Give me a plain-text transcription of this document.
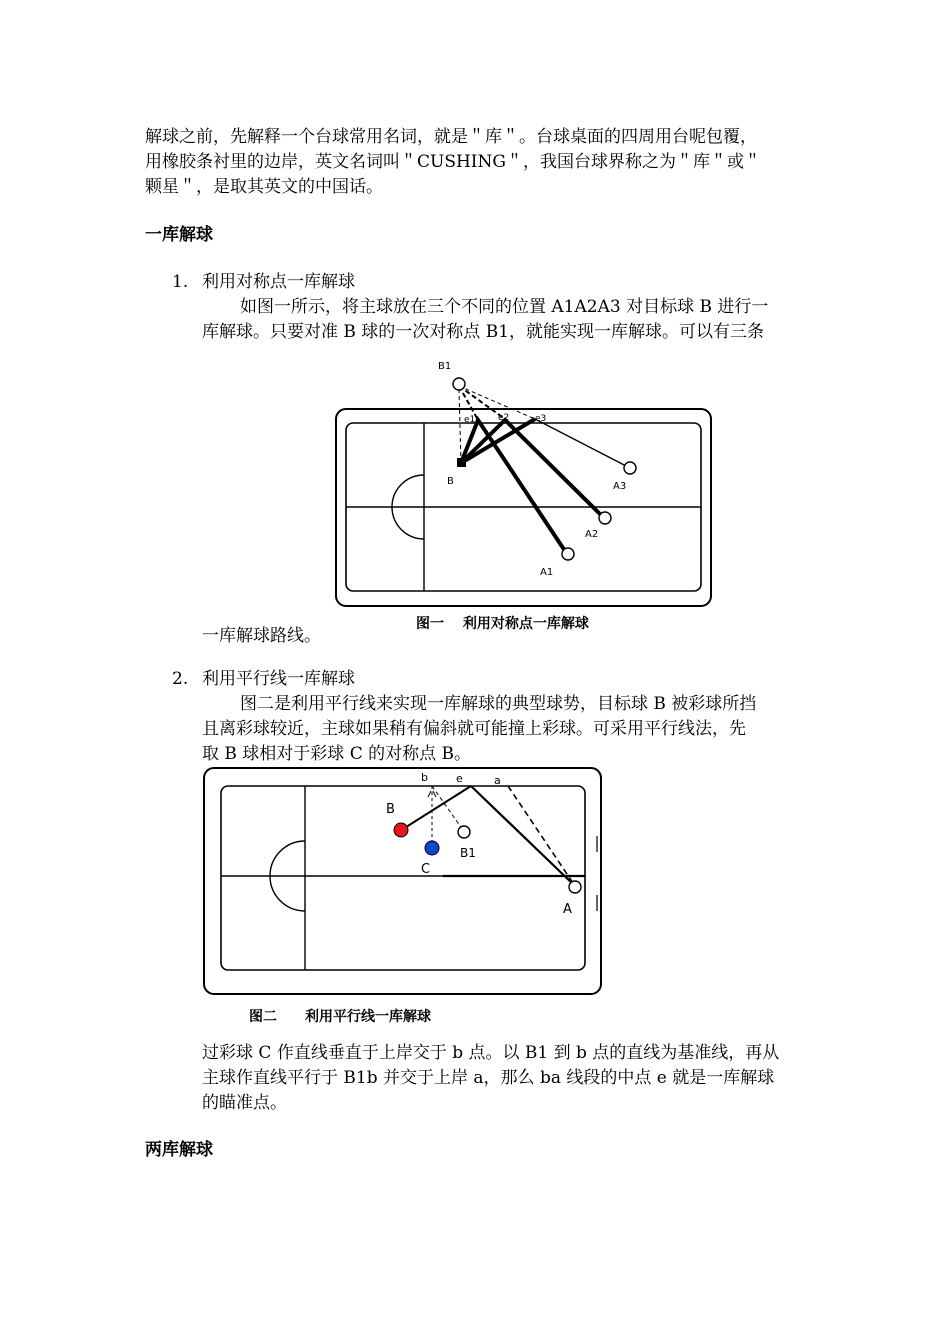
解球之前，先解释一个台球常用名词，就是＂库＂。台球桌面的四周用台呢包覆，
用橡胶条衬里的边岸，英文名词叫＂CUSHING＂，我国台球界称之为＂库＂或＂
颗星＂，是取其英文的中国话。
一库解球
1. 利用对称点一库解球
如图一所示，将主球放在三个不同的位置 A1A2A3 对目标球 B 进行一
库解球。只要对准 B 球的一次对称点 B1，就能实现一库解球。可以有三条
B1
B
e1	e2	e3
A1
A2
A3
b	e	a
B
B1
C
A
图一　 利用对称点一库解球
一库解球路线。
2. 利用平行线一库解球
图二是利用平行线来实现一库解球的典型球势，目标球 B 被彩球所挡
且离彩球较近，主球如果稍有偏斜就可能撞上彩球。可采用平行线法，先
取 B 球相对于彩球 C 的对称点 B。
图二　　利用平行线一库解球
过彩球 C 作直线垂直于上岸交于 b 点。以 B1 到 b 点的直线为基准线，再从
主球作直线平行于 B1b 并交于上岸 a，那么 ba 线段的中点 e 就是一库解球
的瞄准点。
两库解球
